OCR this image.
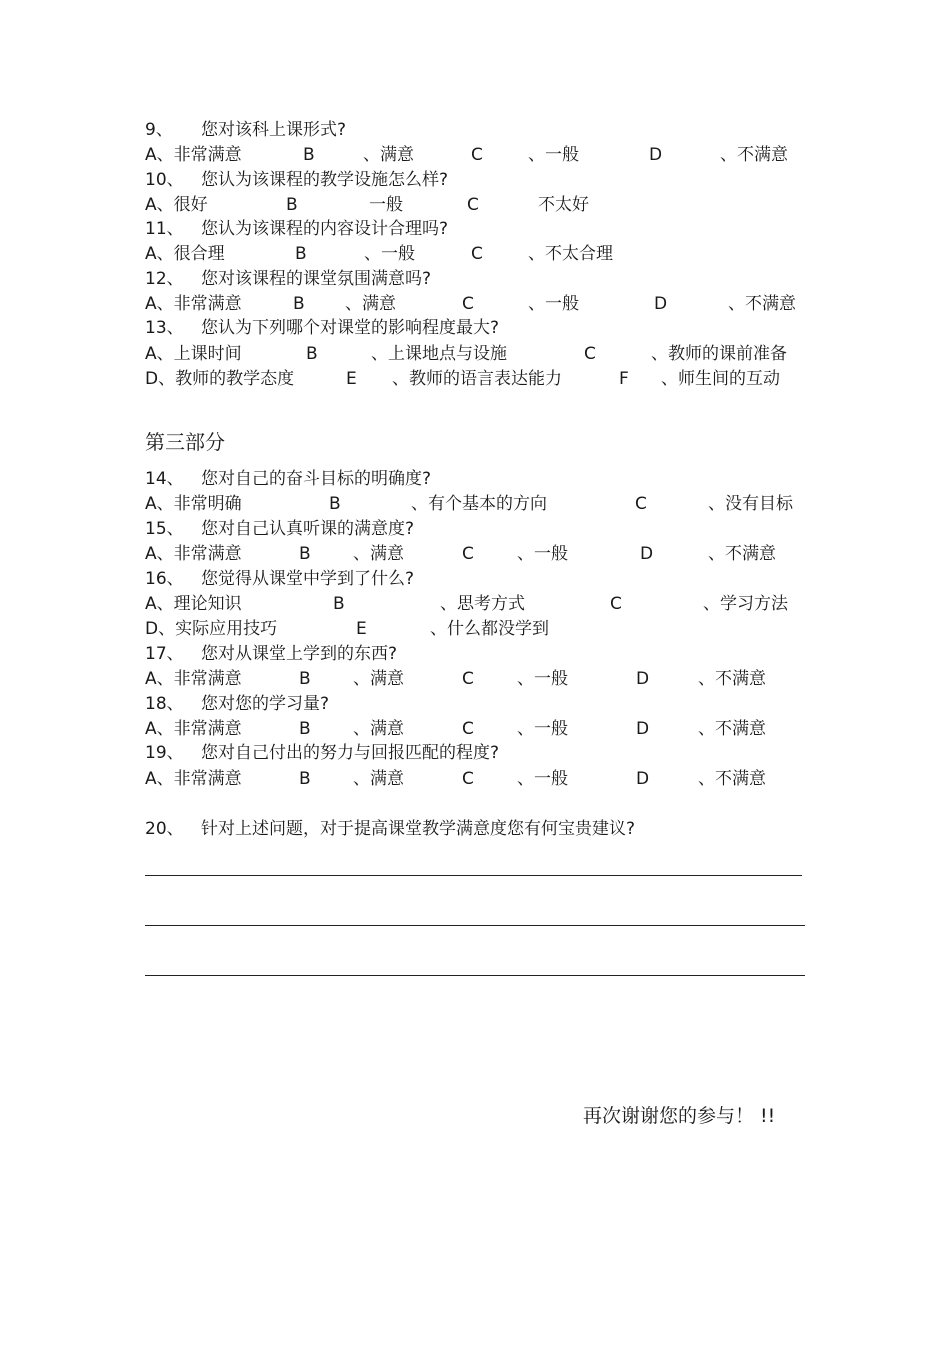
9、 您对该科上课形式?
A、非常满意	B	、满意	C	、一般	D	、不满意
10、 您认为该课程的教学设施怎么样?
A、很好	B	一般	C	不太好
11、 您认为该课程的内容设计合理吗?
A、很合理	B	、一般	C	、不太合理
12、 您对该课程的课堂氛围满意吗?
A、非常满意	B 、满意	C	、一般	D	、不满意
13、 您认为下列哪个对课堂的影响程度最大?
A、上课时间	B	、上课地点与设施	C	、教师的课前准备
D、教师的教学态度	E 、教师的语言表达能力	F 、师生间的互动
第三部分
14、 您对自己的奋斗目标的明确度?
A、非常明确	B	、有个基本的方向	C	、没有目标
15、 您对自己认真听课的满意度?
A、非常满意	B 、满意	C	、一般	D	、不满意
16、 您觉得从课堂中学到了什么?
A、理论知识	B	、思考方式	C	、学习方法
D、实际应用技巧	E	、什么都没学到
17、 您对从课堂上学到的东西?
A、非常满意	B 、满意	C	、一般	D	、不满意
18、 您对您的学习量?
A、非常满意	B 、满意	C	、一般	D	、不满意
19、 您对自己付出的努力与回报匹配的程度?
A、非常满意	B 、满意	C	、一般	D	、不满意
20、 针对上述问题，对于提高课堂教学满意度您有何宝贵建议?
再次谢谢您的参与！ !!
